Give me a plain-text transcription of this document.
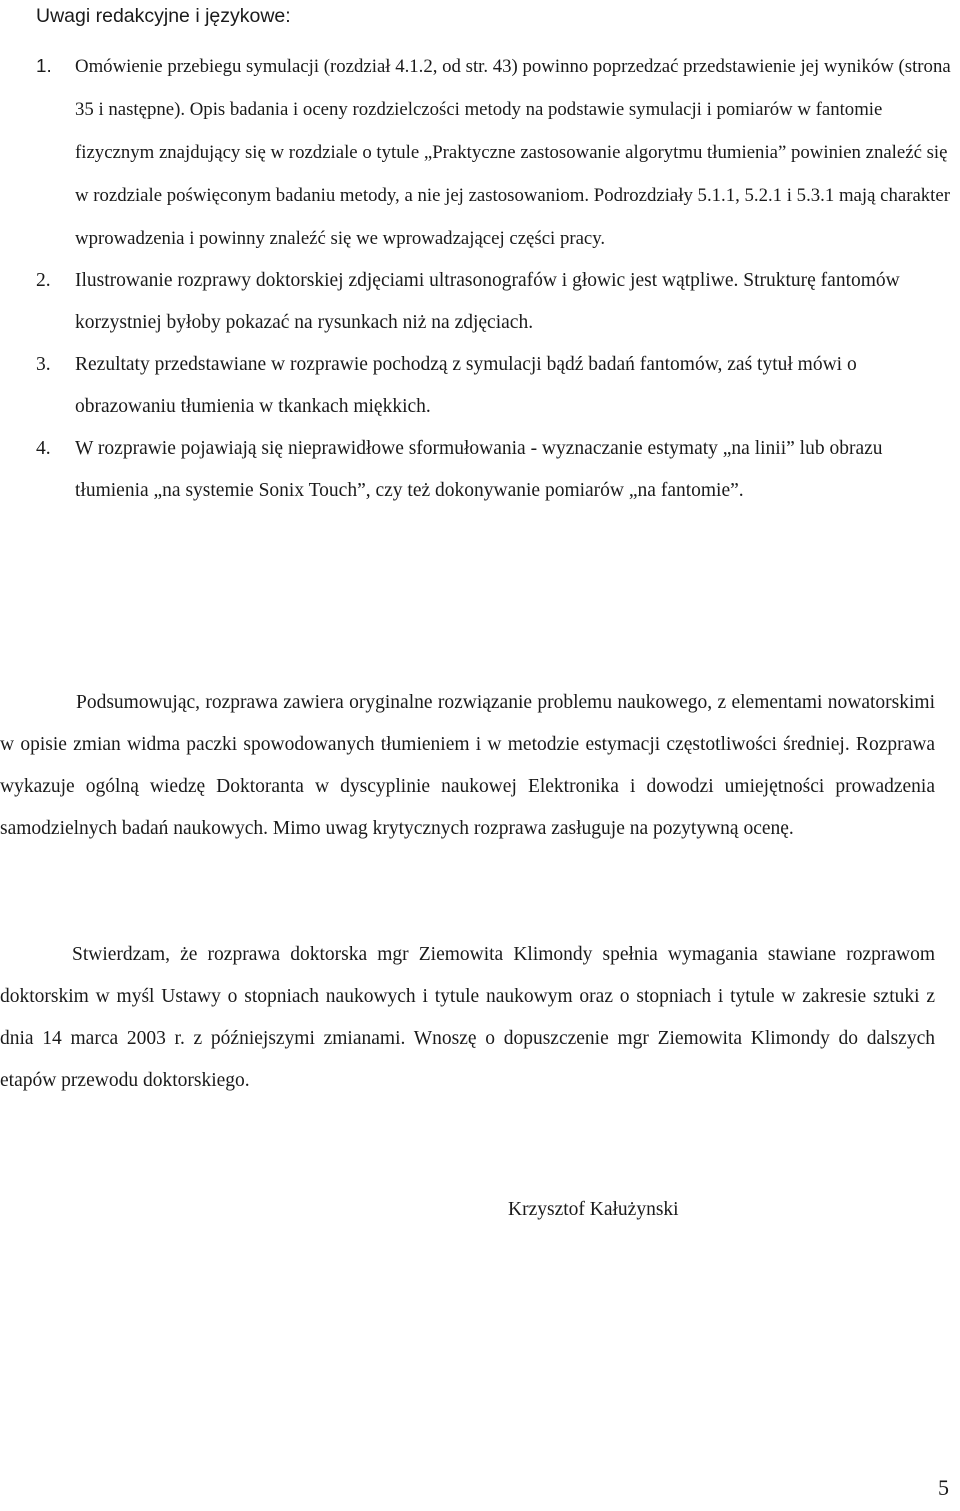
Uwagi redakcyjne i językowe:
1. Omówienie przebiegu symulacji (rozdział 4.1.2, od str. 43) powinno poprzedzać przedstawienie jej wyników (strona 35 i następne). Opis badania i oceny rozdzielczości metody na podstawie symulacji i pomiarów w fantomie fizycznym znajdujący się w rozdziale o tytule „Praktyczne zastosowanie algorytmu tłumienia” powinien znaleźć się w rozdziale poświęconym badaniu metody, a nie jej zastosowaniom. Podrozdziały 5.1.1, 5.2.1 i 5.3.1 mają charakter wprowadzenia i powinny znaleźć się we wprowadzającej części pracy.
2. Ilustrowanie rozprawy doktorskiej zdjęciami ultrasonografów i głowic jest wątpliwe. Strukturę fantomów korzystniej byłoby pokazać na rysunkach niż na zdjęciach.
3. Rezultaty przedstawiane w rozprawie pochodzą z symulacji bądź badań fantomów, zaś tytuł mówi o obrazowaniu tłumienia w tkankach miękkich.
4. W rozprawie pojawiają się nieprawidłowe sformułowania - wyznaczanie estymaty „na linii” lub obrazu tłumienia „na systemie Sonix Touch”, czy też dokonywanie pomiarów „na fantomie”.

Podsumowując, rozprawa zawiera oryginalne rozwiązanie problemu naukowego, z elementami nowatorskimi w opisie zmian widma paczki spowodowanych tłumieniem i w metodzie estymacji częstotliwości średniej. Rozprawa wykazuje ogólną wiedzę Doktoranta w dyscyplinie naukowej Elektronika i dowodzi umiejętności prowadzenia samodzielnych badań naukowych. Mimo uwag krytycznych rozprawa zasługuje na pozytywną ocenę.

Stwierdzam, że rozprawa doktorska mgr Ziemowita Klimondy spełnia wymagania stawiane rozprawom doktorskim w myśl Ustawy o stopniach naukowych i tytule naukowym oraz o stopniach i tytule w zakresie sztuki z dnia 14 marca 2003 r. z późniejszymi zmianami. Wnoszę o dopuszczenie mgr Ziemowita Klimondy do dalszych etapów przewodu doktorskiego.

Krzysztof Kałużynski
5
